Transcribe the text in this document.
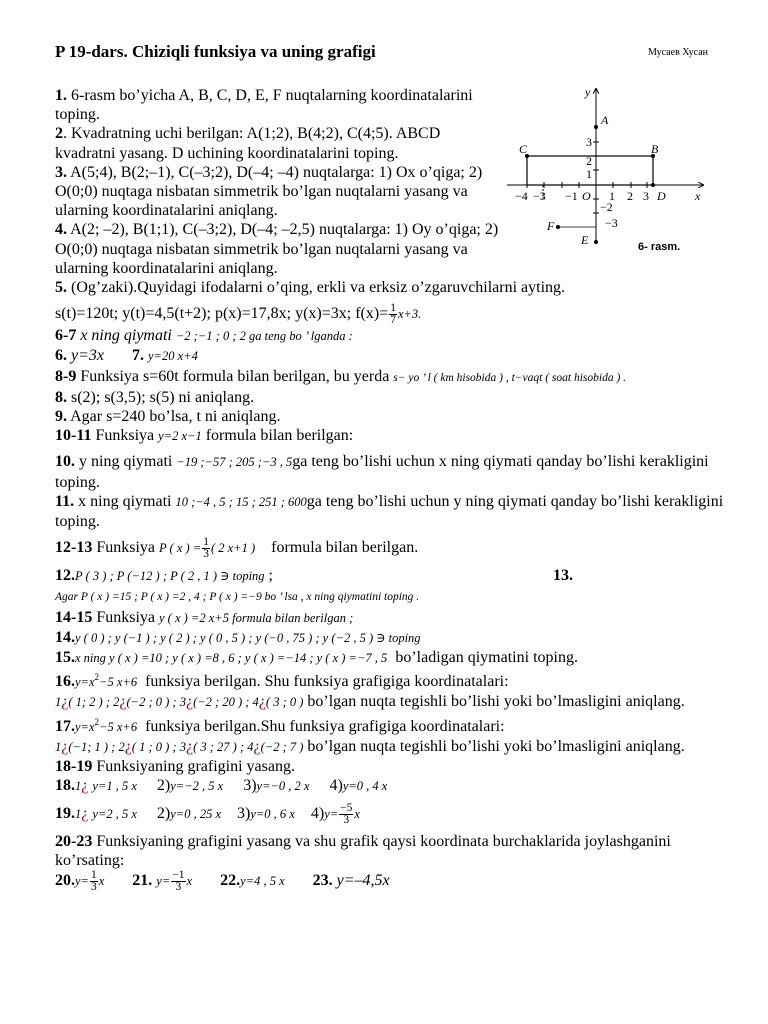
P 19-dars. Chiziqli funksiya va uning grafigi	Мусаев Хусан
y
x
A
B
C
D
E
F
3
2
1
−2
−3
−4 −3 −1 O 1 2 3
6- rasm.

1. 6-rasm bo’yicha A, B, C, D, E, F nuqtalarning koordinatalarini toping.

2. Kvadratning uchi berilgan: A(1;2), B(4;2), C(4;5). ABCD kvadratni yasang. D uchining koordinatalarini toping.

3. A(5;4), B(2;–1), C(–3;2), D(–4; –4) nuqtalarga: 1) Ox o’qiga; 2) O(0;0) nuqtaga nisbatan simmetrik bo’lgan nuqtalarni yasang va ularning koordinatalarini aniqlang.

4. A(2; –2), B(1;1), C(–3;2), D(–4; –2,5) nuqtalarga: 1) Oy o’qiga; 2) O(0;0) nuqtaga nisbatan simmetrik bo’lgan nuqtalarni yasang va ularning koordinatalarini aniqlang.

5. (Og’zaki).Quyidagi ifodalarni o’qing, erkli va erksiz o’zgaruvchilarni ayting.

s(t)=120t; y(t)=4,5(t+2); p(x)=17,8x; y(x)=3x; $f(x)= \frac{1}{7} x+3$.

6-7 x ning qiymati −2 ;−1 ; 0 ; 2 ga teng bo ’ lganda :

6. y=3x 7. y=20 x+4

8-9 Funksiya s=60t formula bilan berilgan, bu yerda s− yo ’ l ( km hisobida ) , t−vaqt ( soat hisobida ) .

8. s(2); s(3,5); s(5) ni aniqlang.

9. Agar s=240 bo’lsa, t ni aniqlang.

10-11 Funksiya y=2 x−1 formula bilan berilgan:

10. y ning qiymati −19 ;−57 ; 205 ;−3 , 5ga teng bo’lishi uchun x ning qiymati qanday bo’lishi kerakligini toping.

11. x ning qiymati 10 ;−4 , 5 ; 15 ; 251 ; 600ga teng bo’lishi uchun y ning qiymati qanday bo’lishi kerakligini toping.

12-13 Funksiya P ( x ) = $\frac{1}{3}$ ( 2 x+1 ) formula bilan berilgan.

12.P ( 3 ) ; P (−12 ) ; P ( 2 , 1 ) ∋ toping ;	13.

Agar P ( x ) =15 ; P ( x ) =2 , 4 ; P ( x ) =−9 bo ’ lsa , x ning qiymatini toping .

14-15 Funksiya y ( x ) =2 x+5 formula bilan berilgan ;

14.y ( 0 ) ; y (−1 ) ; y ( 2 ) ; y ( 0 , 5 ) ; y (−0 , 75 ) ; y (−2 , 5 ) ∋ toping

15.x ning y ( x ) =10 ; y ( x ) =8 , 6 ; y ( x ) =−14 ; y ( x ) =−7 , 5 bo’ladigan qiymatini toping.

$16.y=x^2-5$ x+6 funksiya berilgan. Shu funksiya grafigiga koordinatalari:

1¿( 1; 2 ) ; 2¿(−2 ; 0 ) ; 3¿(−2 ; 20 ) ; 4¿( 3 ; 0 ) bo’lgan nuqta tegishli bo’lishi yoki bo’lmasligini aniqlang.

$17.y=x^2-5$ x+6 funksiya berilgan.Shu funksiya grafigiga koordinatalari:

1¿(−1; 1 ) ; 2¿( 1 ; 0 ) ; 3¿( 3 ; 27 ) ; 4¿(−2 ; 7 ) bo’lgan nuqta tegishli bo’lishi yoki bo’lmasligini aniqlang.

18-19 Funksiyaning grafigini yasang.

18.1¿ y=1 , 5 x 2)y=−2 , 5 x 3)y=−0 , 2 x 4)y=0 , 4 x

19.1¿ y=2 , 5 x 2)y=0 , 25 x 3)y=0 , 6 x $4)y= \frac{-5}{3}$ x

20-23 Funksiyaning grafigini yasang va shu grafik qaysi koordinata burchaklarida joylashganini ko’rsating:

$20.y= \frac{1}{3}$ x 21. $y= \frac{-1}{3}$ x 22.y=4 , 5 x 23. y=–4,5x
